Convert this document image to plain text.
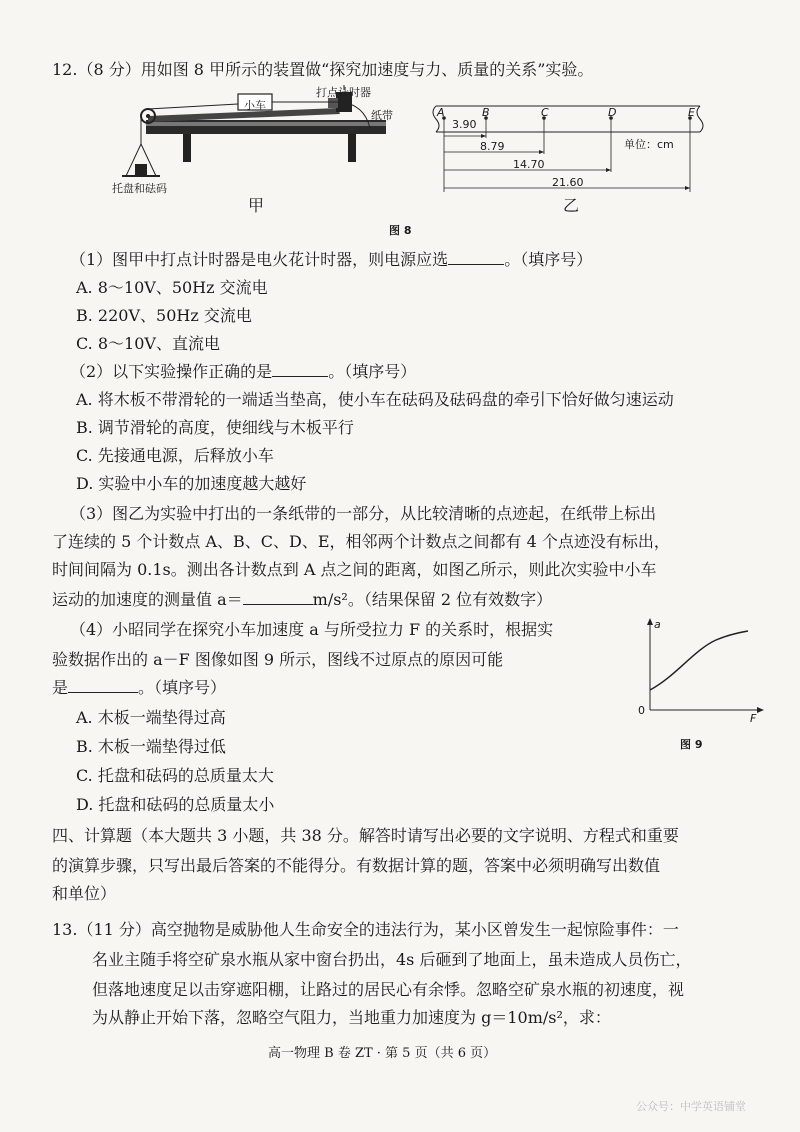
12.（8 分）用如图 8 甲所示的装置做“探究加速度与力、质量的关系”实验。
打点计时器
小车
纸带
托盘和砝码
甲
A	B	C	D	E
3.90
8.79
14.70
21.60
单位：cm
乙
图 8
（1）图甲中打点计时器是电火花计时器，则电源应选	。（填序号）
A. 8～10V、50Hz 交流电
B. 220V、50Hz 交流电
C. 8～10V、直流电
（2）以下实验操作正确的是	。（填序号）
A. 将木板不带滑轮的一端适当垫高，使小车在砝码及砝码盘的牵引下恰好做匀速运动
B. 调节滑轮的高度，使细线与木板平行
C. 先接通电源，后释放小车
D. 实验中小车的加速度越大越好
（3）图乙为实验中打出的一条纸带的一部分，从比较清晰的点迹起，在纸带上标出
了连续的 5 个计数点 A、B、C、D、E，相邻两个计数点之间都有 4 个点迹没有标出，
时间间隔为 0.1s。测出各计数点到 A 点之间的距离，如图乙所示，则此次实验中小车
运动的加速度的测量值 a＝	m/s²。（结果保留 2 位有效数字）
（4）小昭同学在探究小车加速度 a 与所受拉力 F 的关系时，根据实
验数据作出的 a－F 图像如图 9 所示，图线不过原点的原因可能
是	。（填序号）
A. 木板一端垫得过高
B. 木板一端垫得过低
C. 托盘和砝码的总质量太大
D. 托盘和砝码的总质量太小
a
F
0
图 9
四、计算题（本大题共 3 小题，共 38 分。解答时请写出必要的文字说明、方程式和重要
的演算步骤，只写出最后答案的不能得分。有数据计算的题，答案中必须明确写出数值
和单位）
13.（11 分）高空抛物是威胁他人生命安全的违法行为，某小区曾发生一起惊险事件：一
名业主随手将空矿泉水瓶从家中窗台扔出，4s 后砸到了地面上，虽未造成人员伤亡，
但落地速度足以击穿遮阳棚，让路过的居民心有余悸。忽略空矿泉水瓶的初速度，视
为从静止开始下落，忽略空气阻力，当地重力加速度为 g＝10m/s²，求：
高一物理 B 卷 ZT · 第 5 页（共 6 页）
公众号：中学英语铺堂
